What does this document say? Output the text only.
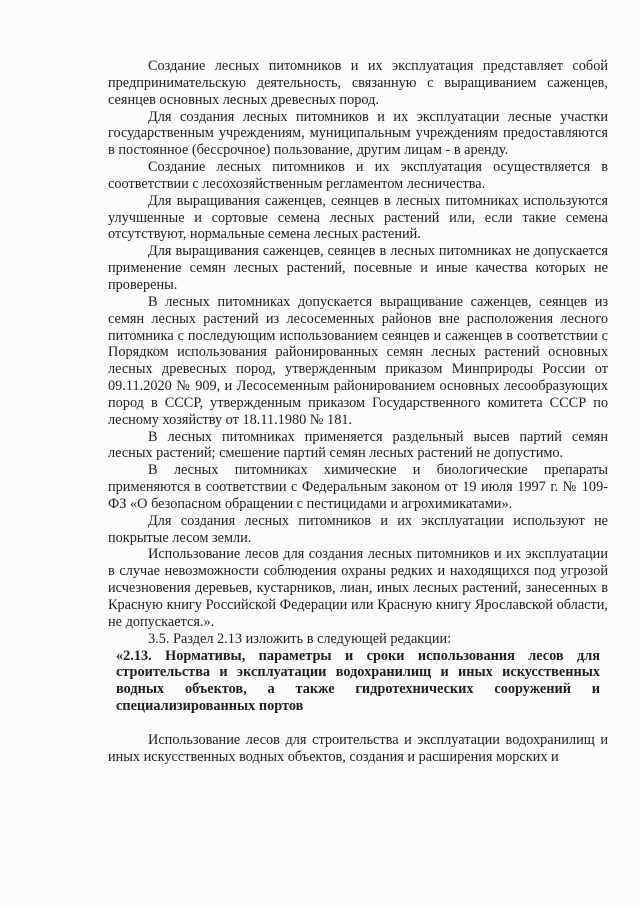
Создание лесных питомников и их эксплуатация представляет собой предпринимательскую деятельность, связанную с выращиванием саженцев, сеянцев основных лесных древесных пород.

Для создания лесных питомников и их эксплуатации лесные участки государственным учреждениям, муниципальным учреждениям предоставляются в постоянное (бессрочное) пользование, другим лицам - в аренду.

Создание лесных питомников и их эксплуатация осуществляется в соответствии с лесохозяйственным регламентом лесничества.

Для выращивания саженцев, сеянцев в лесных питомниках используются улучшенные и сортовые семена лесных растений или, если такие семена отсутствуют, нормальные семена лесных растений.

Для выращивания саженцев, сеянцев в лесных питомниках не допускается применение семян лесных растений, посевные и иные качества которых не проверены.

В лесных питомниках допускается выращивание саженцев, сеянцев из семян лесных растений из лесосеменных районов вне расположения лесного питомника с последующим использованием сеянцев и саженцев в соответствии с Порядком использования районированных семян лесных растений основных лесных древесных пород, утвержденным приказом Минприроды России от 09.11.2020 № 909, и Лесосеменным районированием основных лесообразующих пород в СССР, утвержденным приказом Государственного комитета СССР по лесному хозяйству от 18.11.1980 № 181.

В лесных питомниках применяется раздельный высев партий семян лесных растений; смешение партий семян лесных растений не допустимо.

В лесных питомниках химические и биологические препараты применяются в соответствии с Федеральным законом от 19 июля 1997 г. № 109-ФЗ «О безопасном обращении с пестицидами и агрохимикатами».

Для создания лесных питомников и их эксплуатации используют не покрытые лесом земли.

Использование лесов для создания лесных питомников и их эксплуатации в случае невозможности соблюдения охраны редких и находящихся под угрозой исчезновения деревьев, кустарников, лиан, иных лесных растений, занесенных в Красную книгу Российской Федерации или Красную книгу Ярославской области, не допускается.».

3.5. Раздел 2.13 изложить в следующей редакции:

«2.13. Нормативы, параметры и сроки использования лесов для строительства и эксплуатации водохранилищ и иных искусственных водных объектов, а также гидротехнических сооружений и специализированных портов

Использование лесов для строительства и эксплуатации водохранилищ и иных искусственных водных объектов, создания и расширения морских и
